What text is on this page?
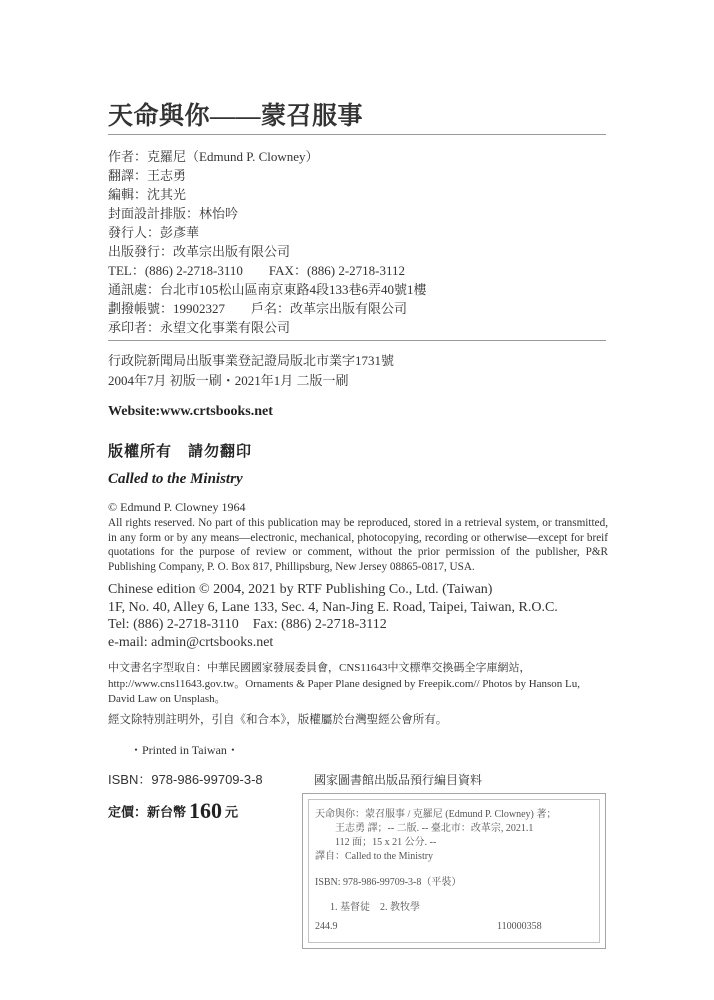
天命與你——蒙召服事
作者：克羅尼（Edmund P. Clowney）
翻譯：王志勇
編輯：沈其光
封面設計排版：林怡吟
發行人：彭彥華
出版發行：改革宗出版有限公司
TEL：(886) 2-2718-3110　　FAX：(886) 2-2718-3112
通訊處：台北市105松山區南京東路4段133巷6弄40號1樓
劃撥帳號：19902327　　戶名：改革宗出版有限公司
承印者：永望文化事業有限公司
行政院新聞局出版事業登記證局版北市業字1731號
2004年7月 初版一刷・2021年1月 二版一刷
Website:www.crtsbooks.net
版權所有　請勿翻印
Called to the Ministry
© Edmund P. Clowney 1964
All rights reserved. No part of this publication may be reproduced, stored in a retrieval system, or transmitted, in any form or by any means—electronic, mechanical, photocopying, recording or otherwise—except for breif quotations for the purpose of review or comment, without the prior permission of the publisher, P&R Publishing Company, P. O. Box 817, Phillipsburg, New Jersey 08865-0817, USA.
Chinese edition © 2004, 2021 by RTF Publishing Co., Ltd. (Taiwan)
1F, No. 40, Alley 6, Lane 133, Sec. 4, Nan-Jing E. Road, Taipei, Taiwan, R.O.C.
Tel: (886) 2-2718-3110　Fax: (886) 2-2718-3112
e-mail: admin@crtsbooks.net
中文書名字型取自：中華民國國家發展委員會，CNS11643中文標準交換碼全字庫網站，http://www.cns11643.gov.tw。Ornaments & Paper Plane designed by Freepik.com// Photos by Hanson Lu, David Law on Unsplash。
經文除特別註明外，引自《和合本》，版權屬於台灣聖經公會所有。
・Printed in Taiwan・
ISBN：978-986-99709-3-8	國家圖書館出版品預行編目資料
定價：新台幣 160 元	天命與你：蒙召服事 / 克羅尼 (Edmund P. Clowney) 著；
王志勇 譯；-- 二版. -- 臺北市：改革宗, 2021.1
112 面；15 x 21 公分. --
譯自：Called to the Ministry
ISBN: 978-986-99709-3-8（平裝）
1. 基督徒　2. 教牧學
244.9	110000358
